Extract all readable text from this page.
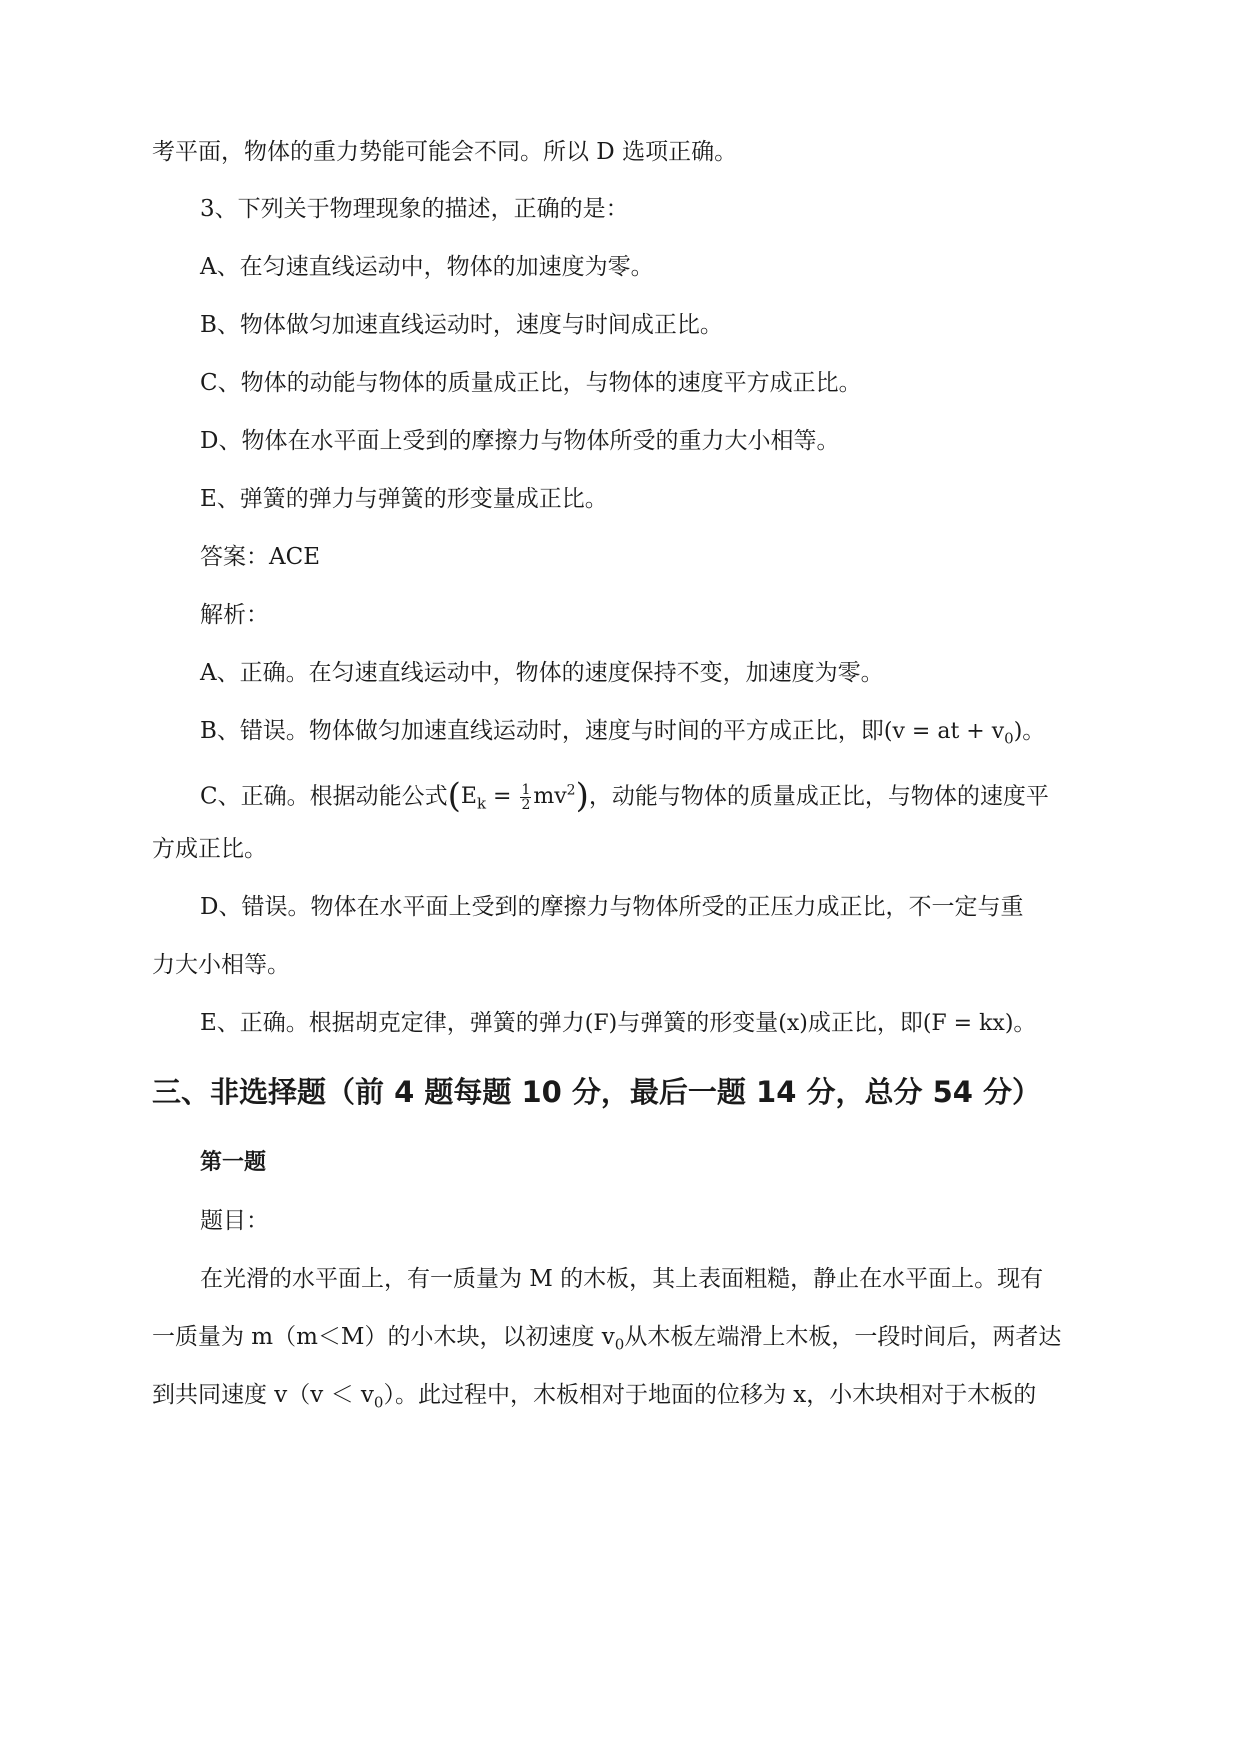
考平面，物体的重力势能可能会不同。所以 D 选项正确。
3、下列关于物理现象的描述，正确的是：
A、在匀速直线运动中，物体的加速度为零。
B、物体做匀加速直线运动时，速度与时间成正比。
C、物体的动能与物体的质量成正比，与物体的速度平方成正比。
D、物体在水平面上受到的摩擦力与物体所受的重力大小相等。
E、弹簧的弹力与弹簧的形变量成正比。
答案：ACE
解析：
A、正确。在匀速直线运动中，物体的速度保持不变，加速度为零。
B、错误。物体做匀加速直线运动时，速度与时间的平方成正比，即(v = at + $v_0$)。
C、正确。根据动能公式$(E_k = \frac{1}{2} mv^2)$，动能与物体的质量成正比，与物体的速度平
方成正比。
D、错误。物体在水平面上受到的摩擦力与物体所受的正压力成正比，不一定与重
力大小相等。
E、正确。根据胡克定律，弹簧的弹力(F)与弹簧的形变量(x)成正比，即(F = kx)。
三、非选择题（前 4 题每题 10 分，最后一题 14 分，总分 54 分）
第一题
题目：
在光滑的水平面上，有一质量为 M 的木板，其上表面粗糙，静止在水平面上。现有
一质量为 m（m＜M）的小木块，以初速度 $v_0$从木板左端滑上木板，一段时间后，两者达
到共同速度 $v(v < v_0)$。此过程中，木板相对于地面的位移为 x，小木块相对于木板的
